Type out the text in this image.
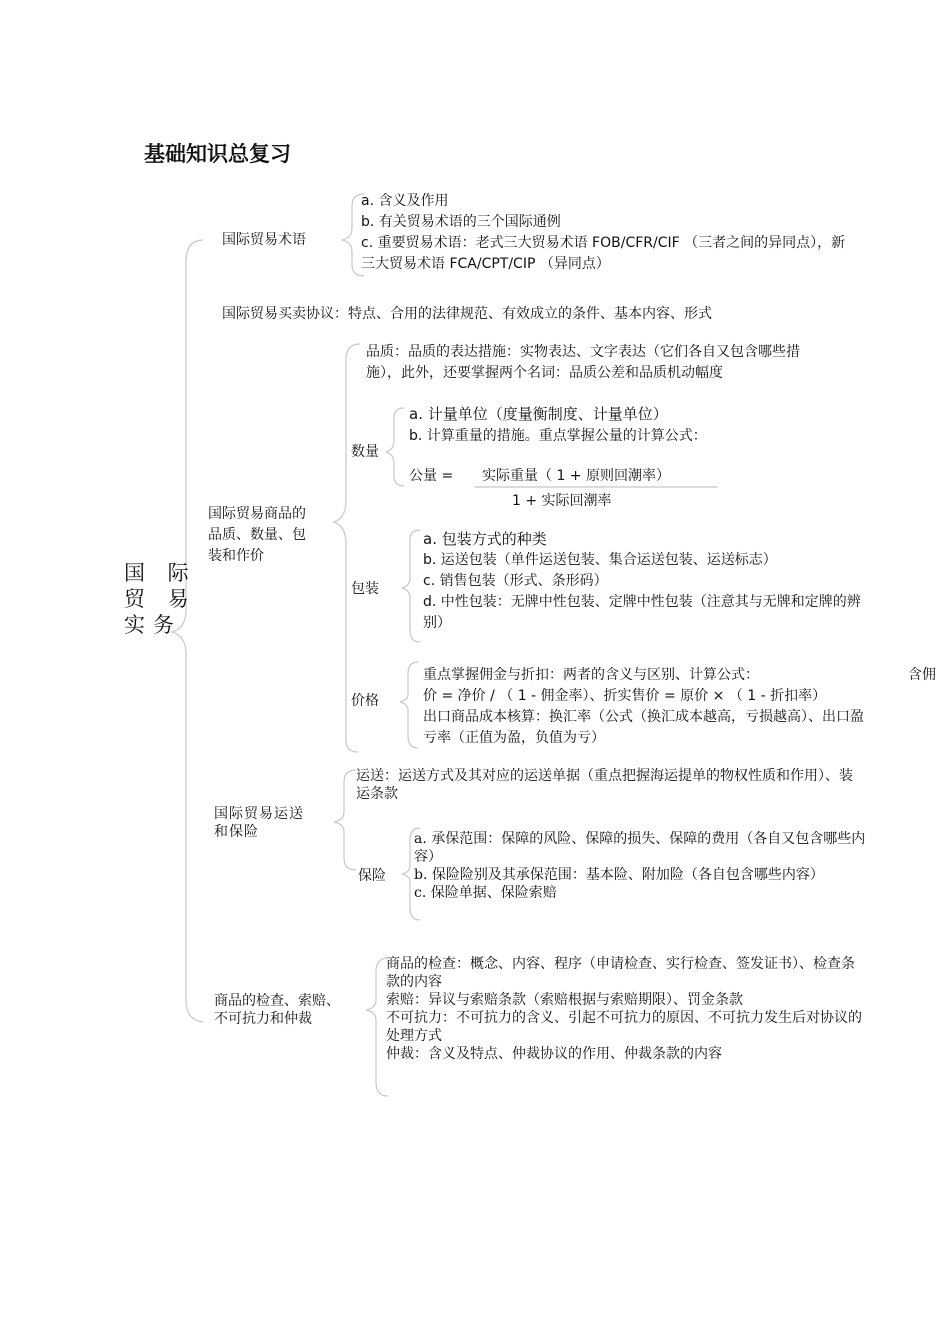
基础知识总复习
国 际
贸 易
实务
国际贸易术语
a. 含义及作用
b. 有关贸易术语的三个国际通例
c. 重要贸易术语：老式三大贸易术语 FOB/CFR/CIF （三者之间的异同点），新
三大贸易术语 FCA/CPT/CIP （异同点）
国际贸易买卖协议：特点、合用的法律规范、有效成立的条件、基本内容、形式
国际贸易商品的
品质、数量、包
装和作价
品质：品质的表达措施：实物表达、文字表达（它们各自又包含哪些措
施），此外，还要掌握两个名词：品质公差和品质机动幅度
数量
a. 计量单位（度量衡制度、计量单位）
b. 计算重量的措施。重点掌握公量的计算公式：
公量 = 实际重量（ 1 + 原则回潮率）
1 + 实际回潮率
包装
a. 包装方式的种类
b. 运送包装（单件运送包装、集合运送包装、运送标志）
c. 销售包装（形式、条形码）
d. 中性包装：无牌中性包装、定牌中性包装（注意其与无牌和定牌的辨
别）
价格
重点掌握佣金与折扣：两者的含义与区别、计算公式：
价 = 净价 / （ 1 - 佣金率）、折实售价 = 原价 × （ 1 - 折扣率）
出口商品成本核算：换汇率（公式（换汇成本越高，亏损越高）、出口盈
亏率（正值为盈，负值为亏）
含佣
国际贸易运送
和保险
运送：运送方式及其对应的运送单据（重点把握海运提单的物权性质和作用）、装
运条款
保险
a. 承保范围：保障的风险、保障的损失、保障的费用（各自又包含哪些内
容）
b. 保险险别及其承保范围：基本险、附加险（各自包含哪些内容）
c. 保险单据、保险索赔
商品的检查、索赔、
不可抗力和仲裁
商品的检查：概念、内容、程序（申请检查、实行检查、签发证书）、检查条
款的内容
索赔：异议与索赔条款（索赔根据与索赔期限）、罚金条款
不可抗力：不可抗力的含义、引起不可抗力的原因、不可抗力发生后对协议的
处理方式
仲裁：含义及特点、仲裁协议的作用、仲裁条款的内容
